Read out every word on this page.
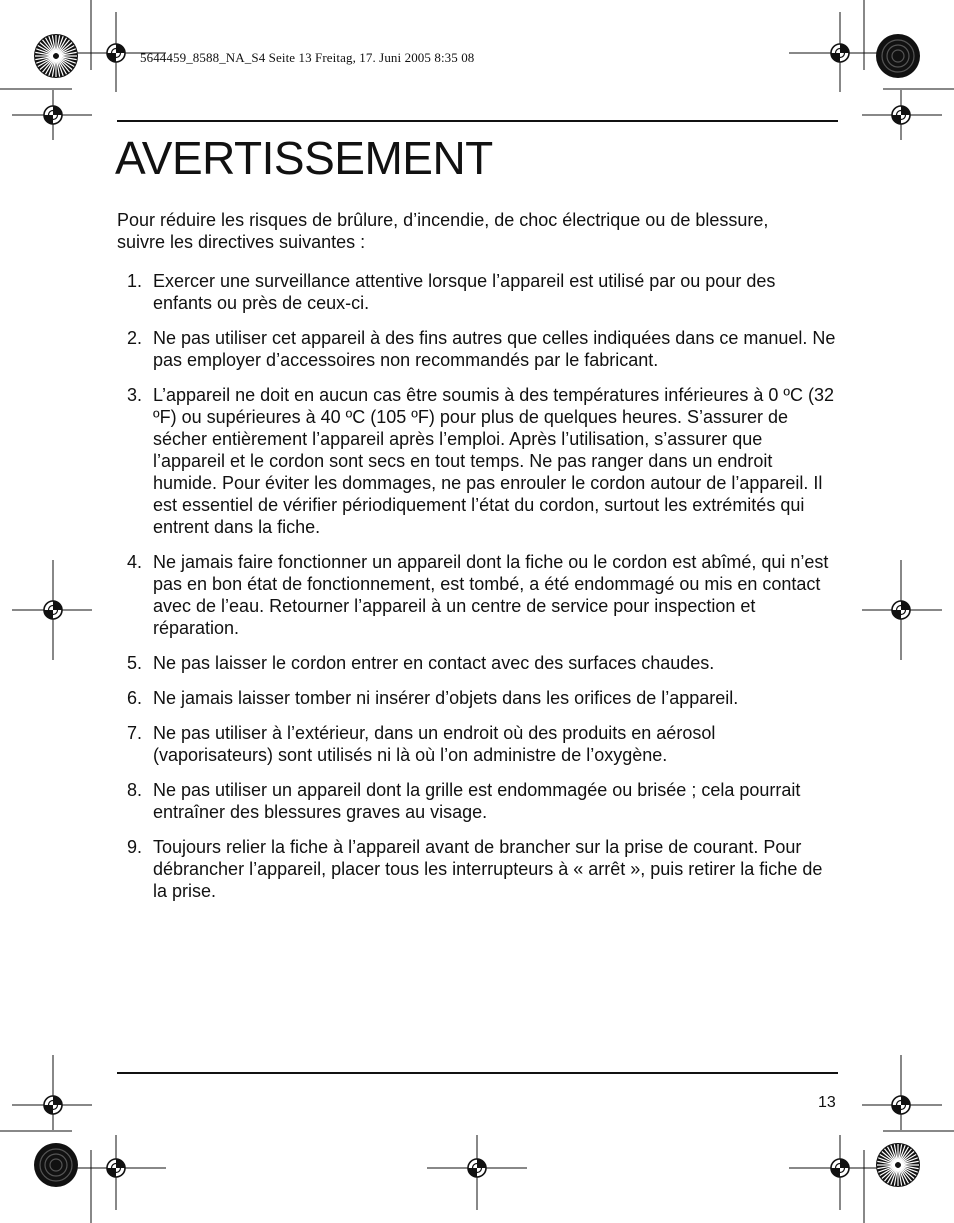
5644459_8588_NA_S4 Seite 13 Freitag, 17. Juni 2005 8:35 08
AVERTISSEMENT

Pour réduire les risques de brûlure, d’incendie, de choc électrique ou de blessure, suivre les directives suivantes :

1. Exercer une surveillance attentive lorsque l’appareil est utilisé par ou pour des enfants ou près de ceux-ci.
2. Ne pas utiliser cet appareil à des fins autres que celles indiquées dans ce manuel. Ne pas employer d’accessoires non recommandés par le fabricant.
3. L’appareil ne doit en aucun cas être soumis à des températures inférieures à 0 ºC (32 ºF) ou supérieures à 40 ºC (105 ºF) pour plus de quelques heures. S’assurer de sécher entièrement l’appareil après l’emploi. Après l’utilisation, s’assurer que l’appareil et le cordon sont secs en tout temps. Ne pas ranger dans un endroit humide. Pour éviter les dommages, ne pas enrouler le cordon autour de l’appareil. Il est essentiel de vérifier périodiquement l’état du cordon, surtout les extrémités qui entrent dans la fiche.
4. Ne jamais faire fonctionner un appareil dont la fiche ou le cordon est abîmé, qui n’est pas en bon état de fonctionnement, est tombé, a été endommagé ou mis en contact avec de l’eau. Retourner l’appareil à un centre de service pour inspection et réparation.
5. Ne pas laisser le cordon entrer en contact avec des surfaces chaudes.
6. Ne jamais laisser tomber ni insérer d’objets dans les orifices de l’appareil.
7. Ne pas utiliser à l’extérieur, dans un endroit où des produits en aérosol (vaporisateurs) sont utilisés ni là où l’on administre de l’oxygène.
8. Ne pas utiliser un appareil dont la grille est endommagée ou brisée ; cela pourrait entraîner des blessures graves au visage.
9. Toujours relier la fiche à l’appareil avant de brancher sur la prise de courant. Pour débrancher l’appareil, placer tous les interrupteurs à « arrêt », puis retirer la fiche de la prise.
13
